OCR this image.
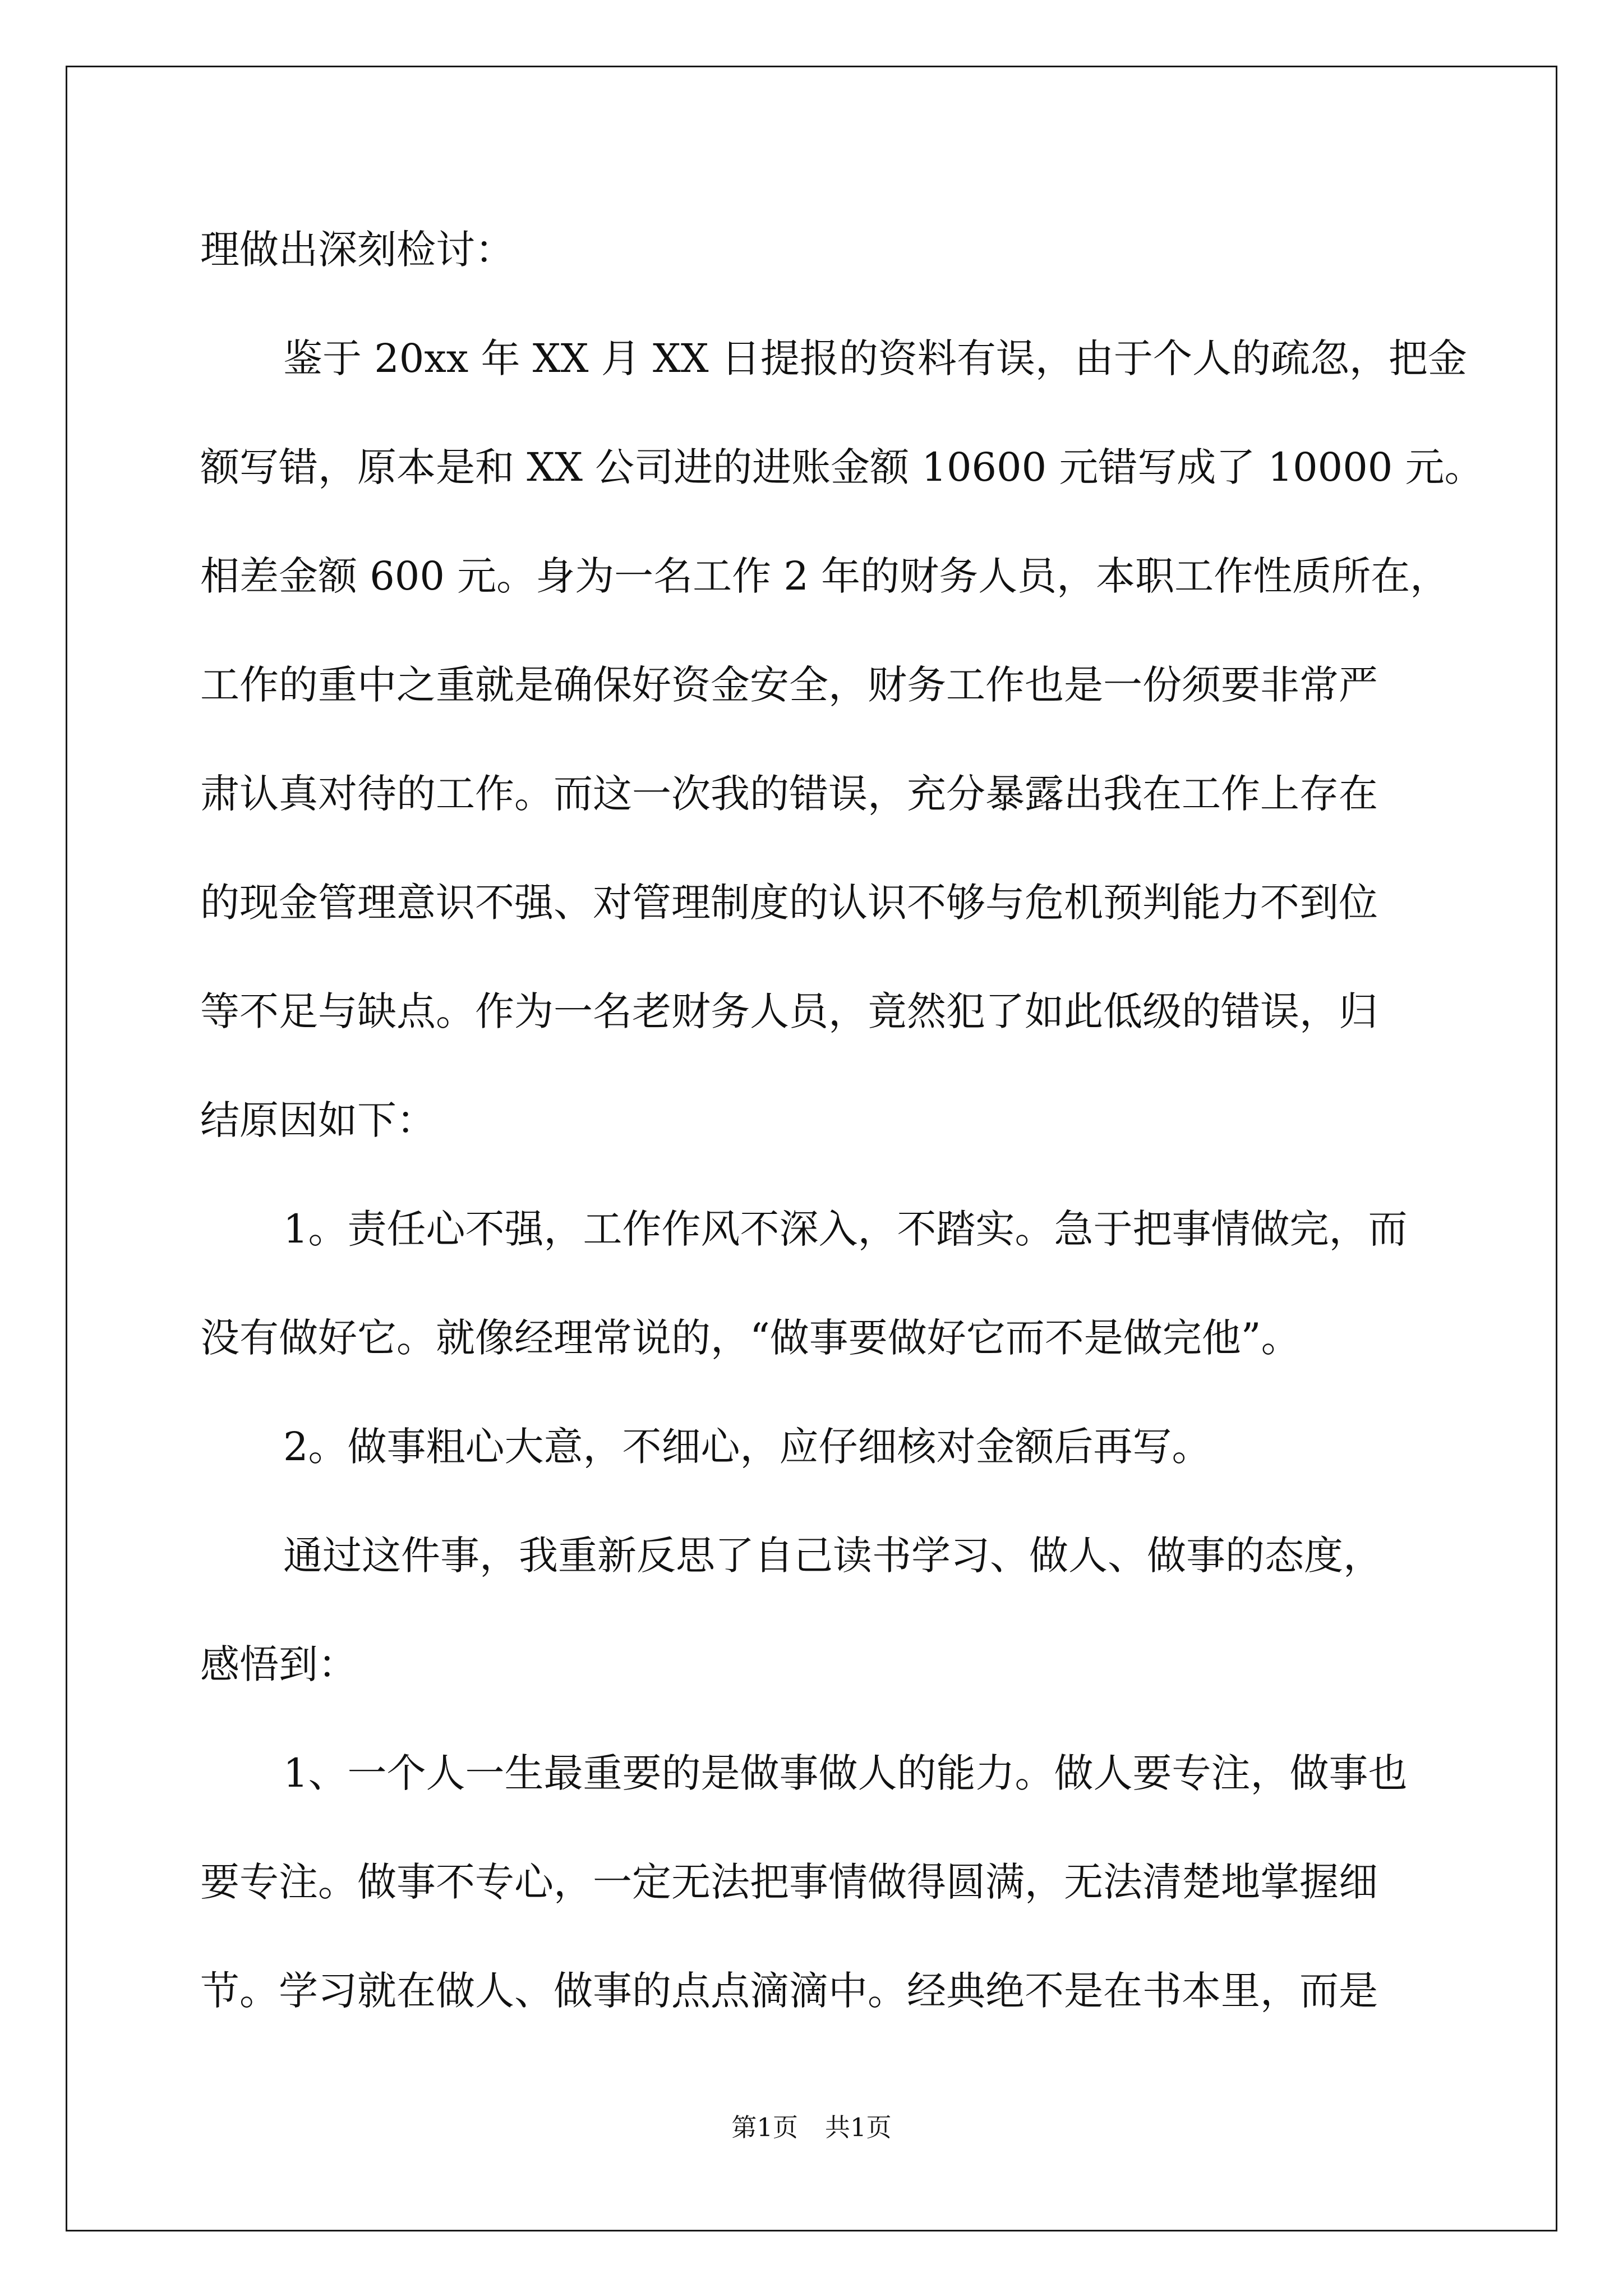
理做出深刻检讨：
鉴于 20xx 年 XX 月 XX 日提报的资料有误，由于个人的疏忽，把金
额写错，原本是和 XX 公司进的进账金额 10600 元错写成了 10000 元。
相差金额 600 元。身为一名工作 2 年的财务人员，本职工作性质所在，
工作的重中之重就是确保好资金安全，财务工作也是一份须要非常严
肃认真对待的工作。而这一次我的错误，充分暴露出我在工作上存在
的现金管理意识不强、对管理制度的认识不够与危机预判能力不到位
等不足与缺点。作为一名老财务人员，竟然犯了如此低级的错误，归
结原因如下：
1。责任心不强，工作作风不深入，不踏实。急于把事情做完，而
没有做好它。就像经理常说的，“做事要做好它而不是做完他”。
2。做事粗心大意，不细心，应仔细核对金额后再写。
通过这件事，我重新反思了自己读书学习、做人、做事的态度，
感悟到：
1、一个人一生最重要的是做事做人的能力。做人要专注，做事也
要专注。做事不专心，一定无法把事情做得圆满，无法清楚地掌握细
节。学习就在做人、做事的点点滴滴中。经典绝不是在书本里，而是
第1页 共1页
